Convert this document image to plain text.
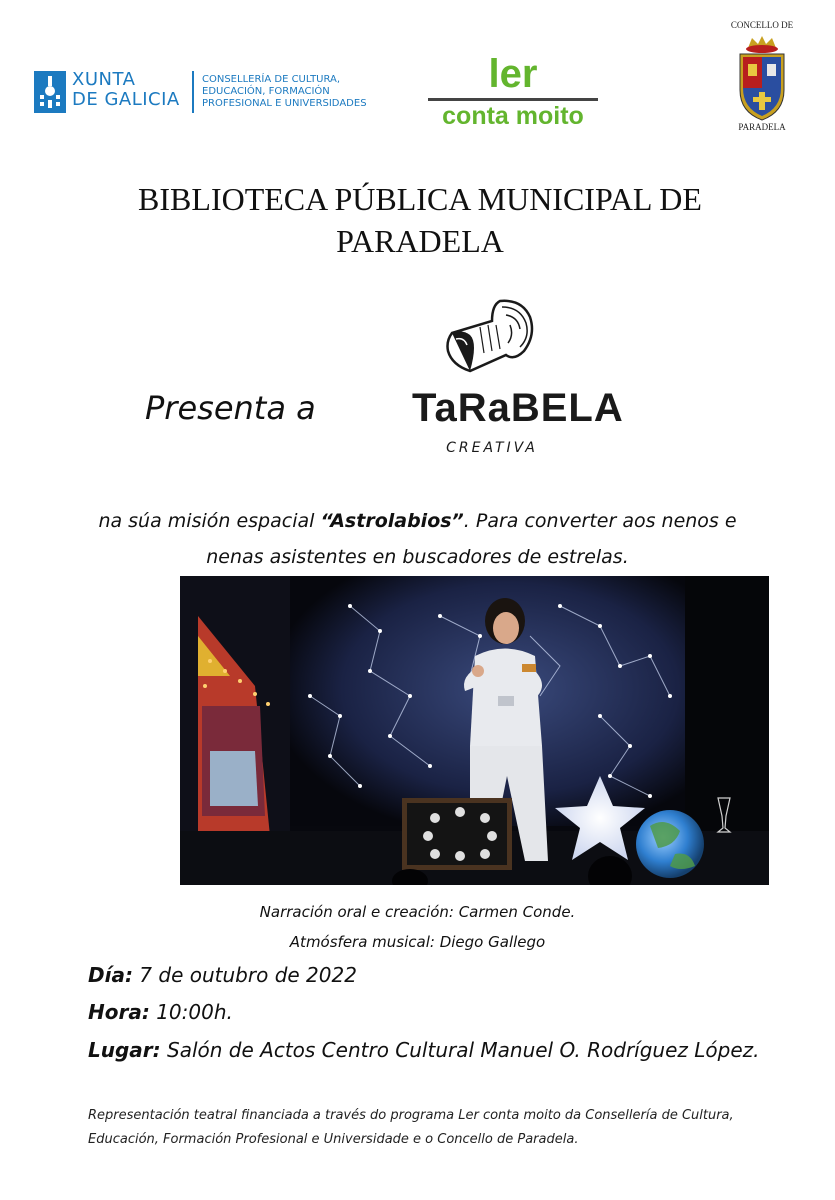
XUNTA
DE GALICIA
CONSELLERÍA DE CULTURA,
EDUCACIÓN, FORMACIÓN
PROFESIONAL E UNIVERSIDADES
ler
conta moito
CONCELLO DE
PARADELA
BIBLIOTECA PÚBLICA MUNICIPAL DE
PARADELA
Presenta a TaRaBELA
CREATIVA
na súa misión espacial “Astrolabios”. Para converter aos nenos e
nenas asistentes en buscadores de estrelas.
Narración oral e creación: Carmen Conde.
Atmósfera musical: Diego Gallego
Día: 7 de outubro de 2022
Hora: 10:00h.
Lugar: Salón de Actos Centro Cultural Manuel O. Rodríguez López.
Representación teatral financiada a través do programa Ler conta moito da Consellería de Cultura, Educación, Formación Profesional e Universidade e o Concello de Paradela.
